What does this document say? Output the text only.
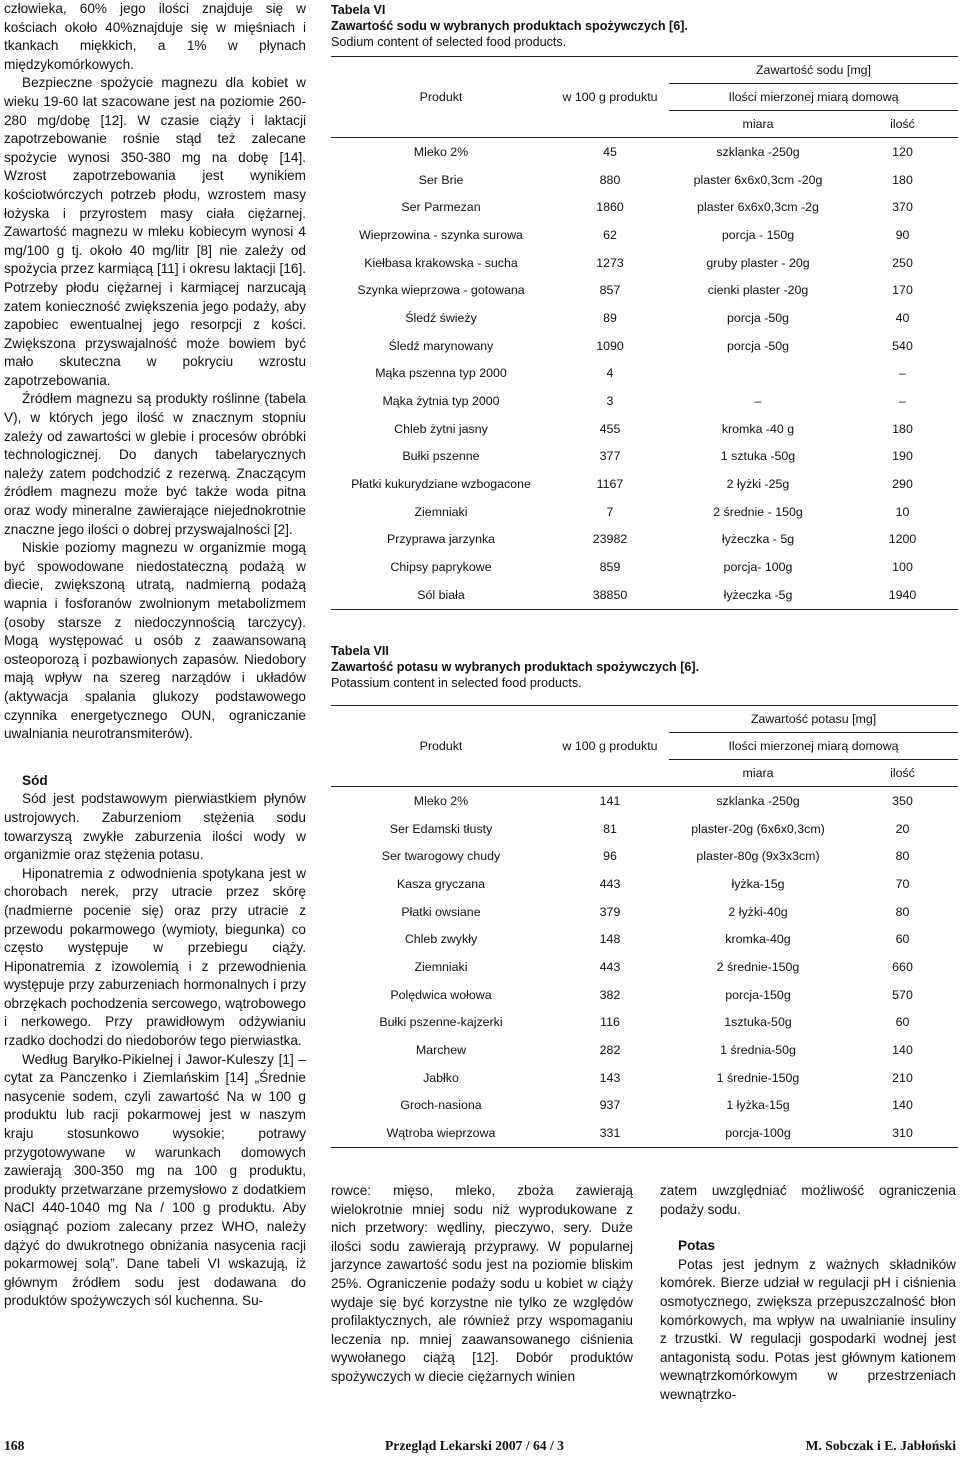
człowieka, 60% jego ilości znajduje się w kościach około 40%znajduje się w mięśniach i tkankach miękkich, a 1% w płynach międzykomórkowych.

Bezpieczne spożycie magnezu dla kobiet w wieku 19-60 lat szacowane jest na poziomie 260-280 mg/dobę [12]. W czasie ciąży i laktacji zapotrzebowanie rośnie stąd też zalecane spożycie wynosi 350-380 mg na dobę [14]. Wzrost zapotrzebowania jest wynikiem kościotwórczych potrzeb płodu, wzrostem masy łożyska i przyrostem masy ciała ciężarnej. Zawartość magnezu w mleku kobiecym wynosi 4 mg/100 g tj. około 40 mg/litr [8] nie zależy od spożycia przez karmiącą [11] i okresu laktacji [16]. Potrzeby płodu ciężarnej i karmiącej narzucają zatem konieczność zwiększenia jego podaży, aby zapobiec ewentualnej jego resorpcji z kości. Zwiększona przyswajalność może bowiem być mało skuteczna w pokryciu wzrostu zapotrzebowania.

Źródłem magnezu są produkty roślinne (tabela V), w których jego ilość w znacznym stopniu zależy od zawartości w glebie i procesów obróbki technologicznej. Do danych tabelarycznych należy zatem podchodzić z rezerwą. Znaczącym źródłem magnezu może być także woda pitna oraz wody mineralne zawierające niejednokrotnie znaczne jego ilości o dobrej przyswajalności [2].

Niskie poziomy magnezu w organizmie mogą być spowodowane niedostateczną podażą w diecie, zwiększoną utratą, nadmierną podażą wapnia i fosforanów zwolnionym metabolizmem (osoby starsze z niedoczynnością tarczycy). Mogą występować u osób z zaawansowaną osteoporozą i pozbawionych zapasów. Niedobory mają wpływ na szereg narządów i układów (aktywacja spalania glukozy podstawowego czynnika energetycznego OUN, ograniczanie uwalniania neurotransmiterów).

Sód

Sód jest podstawowym pierwiastkiem płynów ustrojowych. Zaburzeniom stężenia sodu towarzyszą zwykłe zaburzenia ilości wody w organizmie oraz stężenia potasu.

Hiponatremia z odwodnienia spotykana jest w chorobach nerek, przy utracie przez skórę (nadmierne pocenie się) oraz przy utracie z przewodu pokarmowego (wymioty, biegunka) co często występuje w przebiegu ciąży. Hiponatremia z izowolemią i z przewodnienia występuje przy zaburzeniach hormonalnych i przy obrzękach pochodzenia sercowego, wątrobowego i nerkowego. Przy prawidłowym odżywianiu rzadko dochodzi do niedoborów tego pierwiastka.

Według Baryłko-Pikielnej i Jawor-Kuleszy [1] – cytat za Panczenko i Ziemlańskim [14] „Średnie nasycenie sodem, czyli zawartość Na w 100 g produktu lub racji pokarmowej jest w naszym kraju stosunkowo wysokie; potrawy przygotowywane w warunkach domowych zawierają 300-350 mg na 100 g produktu, produkty przetwarzane przemysłowo z dodatkiem NaCl 440-1040 mg Na / 100 g produktu. Aby osiągnąć poziom zalecany przez WHO, należy dążyć do dwukrotnego obniżania nasycenia racji pokarmowej solą”. Dane tabeli VI wskazują, iż głównym źródłem sodu jest dodawana do produktów spożywczych sól kuchenna. Su-

Tabela VI
Zawartość sodu w wybranych produktach spożywczych [6].
Sodium content of selected food products.
Produkt	w 100 g produktu	Zawartość sodu [mg]	
		Ilości mierzonej miarą domową	
		miara	ilość
Mleko 2%	45	szklanka -250g	120
Ser Brie	880	plaster 6x6x0,3cm -20g	180
Ser Parmezan	1860	plaster 6x6x0,3cm -2g	370
Wieprzowina - szynka surowa	62	porcja - 150g	90
Kiełbasa krakowska - sucha	1273	gruby plaster - 20g	250
Szynka wieprzowa - gotowana	857	cienki plaster -20g	170
Śledź świeży	89	porcja -50g	40
Śledź marynowany	1090	porcja -50g	540
Mąka pszenna typ 2000	4		–
Mąka żytnia typ 2000	3	–	–
Chleb żytni jasny	455	kromka -40 g	180
Bułki pszenne	377	1 sztuka -50g	190
Płatki kukurydziane wzbogacone	1167	2 łyżki -25g	290
Ziemniaki	7	2 średnie - 150g	10
Przyprawa jarzynka	23982	łyżeczka - 5g	1200
Chipsy paprykowe	859	porcja- 100g	100
Sól biała	38850	łyżeczka -5g	1940
Tabela VII
Zawartość potasu w wybranych produktach spożywczych [6].
Potassium content in selected food products.
Produkt	w 100 g produktu	Zawartość potasu [mg]	
		Ilości mierzonej miarą domową	
		miara	ilość
Mleko 2%	141	szklanka -250g	350
Ser Edamski tłusty	81	plaster-20g (6x6x0,3cm)	20
Ser twarogowy chudy	96	plaster-80g (9x3x3cm)	80
Kasza gryczana	443	łyżka-15g	70
Płatki owsiane	379	2 łyżki-40g	80
Chleb zwykły	148	kromka-40g	60
Ziemniaki	443	2 średnie-150g	660
Polędwica wołowa	382	porcja-150g	570
Bułki pszenne-kajzerki	116	1sztuka-50g	60
Marchew	282	1 średnia-50g	140
Jabłko	143	1 średnie-150g	210
Groch-nasiona	937	1 łyżka-15g	140
Wątroba wieprzowa	331	porcja-100g	310

rowce: mięso, mleko, zboża zawierają wielokrotnie mniej sodu niż wyprodukowane z nich przetwory: wędliny, pieczywo, sery. Duże ilości sodu zawierają przyprawy. W popularnej jarzynce zawartość sodu jest na poziomie bliskim 25%. Ograniczenie podaży sodu u kobiet w ciąży wydaje się być korzystne nie tylko ze względów profilaktycznych, ale również przy wspomaganiu leczenia np. mniej zaawansowanego ciśnienia wywołanego ciążą [12]. Dobór produktów spożywczych w diecie ciężarnych winien

zatem uwzględniać możliwość ograniczenia podaży sodu.

Potas

Potas jest jednym z ważnych składników komórek. Bierze udział w regulacji pH i ciśnienia osmotycznego, zwiększa przepuszczalność błon komórkowych, ma wpływ na uwalnianie insuliny z trzustki. W regulacji gospodarki wodnej jest antagonistą sodu. Potas jest głównym kationem wewnątrzkomórkowym w przestrzeniach wewnątrzko-

168	Przegląd Lekarski 2007 / 64 / 3	M. Sobczak i E. Jabłoński
